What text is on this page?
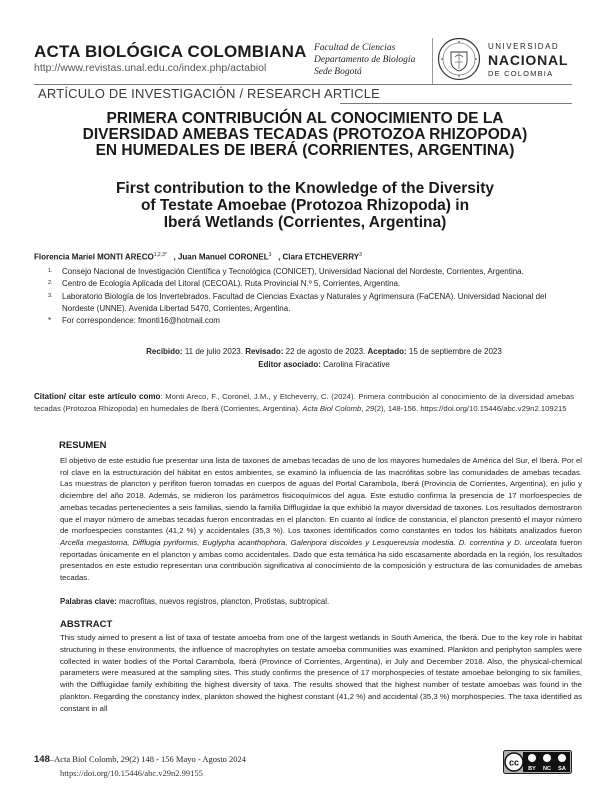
ACTA BIOLÓGICA COLOMBIANA
http://www.revistas.unal.edu.co/index.php/actabiol
Facultad de Ciencias
Departamento de Biología
Sede Bogotá
UNIVERSIDAD
NACIONAL
DE COLOMBIA
ARTÍCULO DE INVESTIGACIÓN / RESEARCH ARTICLE
PRIMERA CONTRIBUCIÓN AL CONOCIMIENTO DE LA
DIVERSIDAD AMEBAS TECADAS (PROTOZOA RHIZOPODA)
EN HUMEDALES DE IBERÁ (CORRIENTES, ARGENTINA)
First contribution to the Knowledge of the Diversity
of Testate Amoebae (Protozoa Rhizopoda) in
Iberá Wetlands (Corrientes, Argentina)
Florencia Mariel MONTI $ARECO^{1,2,3*}$   , Juan Manuel CORONEL$^3$   , Clara ETCHEVERRY$^3$
1. Consejo Nacional de Investigación Científica y Tecnológica (CONICET), Universidad Nacional del Nordeste, Corrientes, Argentina.
2. Centro de Ecología Aplicada del Litoral (CECOAL). Ruta Provincial N.º 5, Corrientes, Argentina.
3. Laboratorio Biología de los Invertebrados. Facultad de Ciencias Exactas y Naturales y Agrimensura (FaCENA). Universidad Nacional del Nordeste (UNNE). Avenida Libertad 5470, Corrientes, Argentina.
* For correspondence: fmonti16@hotmail.com
Recibido: 11 de julio 2023. Revisado: 22 de agosto de 2023. Aceptado: 15 de septiembre de 2023
Editor asociado: Carolina Firacative
Citation/ citar este artículo como: Monti Areco, F., Coronel, J.M., y Etcheverry, C. (2024). Primera contribución al conocimiento de la diversidad amebas tecadas (Protozoa Rhizopoda) en humedales de Iberá (Corrientes, Argentina). Acta Biol Colomb, 29(2), 148-156. https://doi.org/10.15446/abc.v29n2.109215
RESUMEN
El objetivo de este estudio fue presentar una lista de taxones de amebas tecadas de uno de los mayores humedales de América del Sur, el Iberá. Por el rol clave en la estructuración del hábitat en estos ambientes, se examinó la influencia de las macrófitas sobre las comunidades de amebas tecadas. Las muestras de plancton y perifiton fueron tomadas en cuerpos de aguas del Portal Carambola, Iberá (Provincia de Corrientes, Argentina), en julio y diciembre del año 2018. Además, se midieron los parámetros fisicoquímicos del agua. Este estudio confirma la presencia de 17 morfoespecies de amebas tecadas pertenecientes a seis familias, siendo la familia Difflugiidae la que exhibió la mayor diversidad de taxones. Los resultados demostraron que el mayor número de amebas tecadas fueron encontradas en el plancton. En cuanto al índice de constancia, el plancton presentó el mayor número de morfoespecies constantes (41,2 %) y accidentales (35,3 %). Los taxones identificados como constantes en todos los hábitats analizados fueron Arcella megastoma, Difflugia pyriformis, Euglypha acanthophora, Galeripora discoides y Lesquereusia modestia. D. correntina y D. urceolata fueron reportadas únicamente en el plancton y ambas como accidentales. Dado que esta temática ha sido escasamente abordada en la región, los resultados presentados en este estudio representan una contribución significativa al conocimiento de la composición y estructura de las comunidades de amebas tecadas.
Palabras clave: macrofitas, nuevos registros, plancton, Protistas, subtropical.
ABSTRACT
This study aimed to present a list of taxa of testate amoeba from one of the largest wetlands in South America, the Iberá. Due to the key role in habitat structuring in these environments, the influence of macrophytes on testate amoeba communities was examined. Plankton and periphyton samples were collected in water bodies of the Portal Carambola, Iberá (Province of Corrientes, Argentina), in July and December 2018. Also, the physical-chemical parameters were measured at the sampling sites. This study confirms the presence of 17 morphospecies of testate amoebae belonging to six families, with the Difflugiidae family exhibiting the highest diversity of taxa. The results showed that the highest number of testate amoebas was found in the plankton. Regarding the constancy index, plankton showed the highest constant (41,2 %) and accidental (35,3 %) morphospecies. The taxa identified as constant in all
148–Acta Biol Colomb, 29(2) 148 - 156 Mayo - Agosto 2024
https://doi.org/10.15446/abc.v29n2.99155
cc
BY NC SA
